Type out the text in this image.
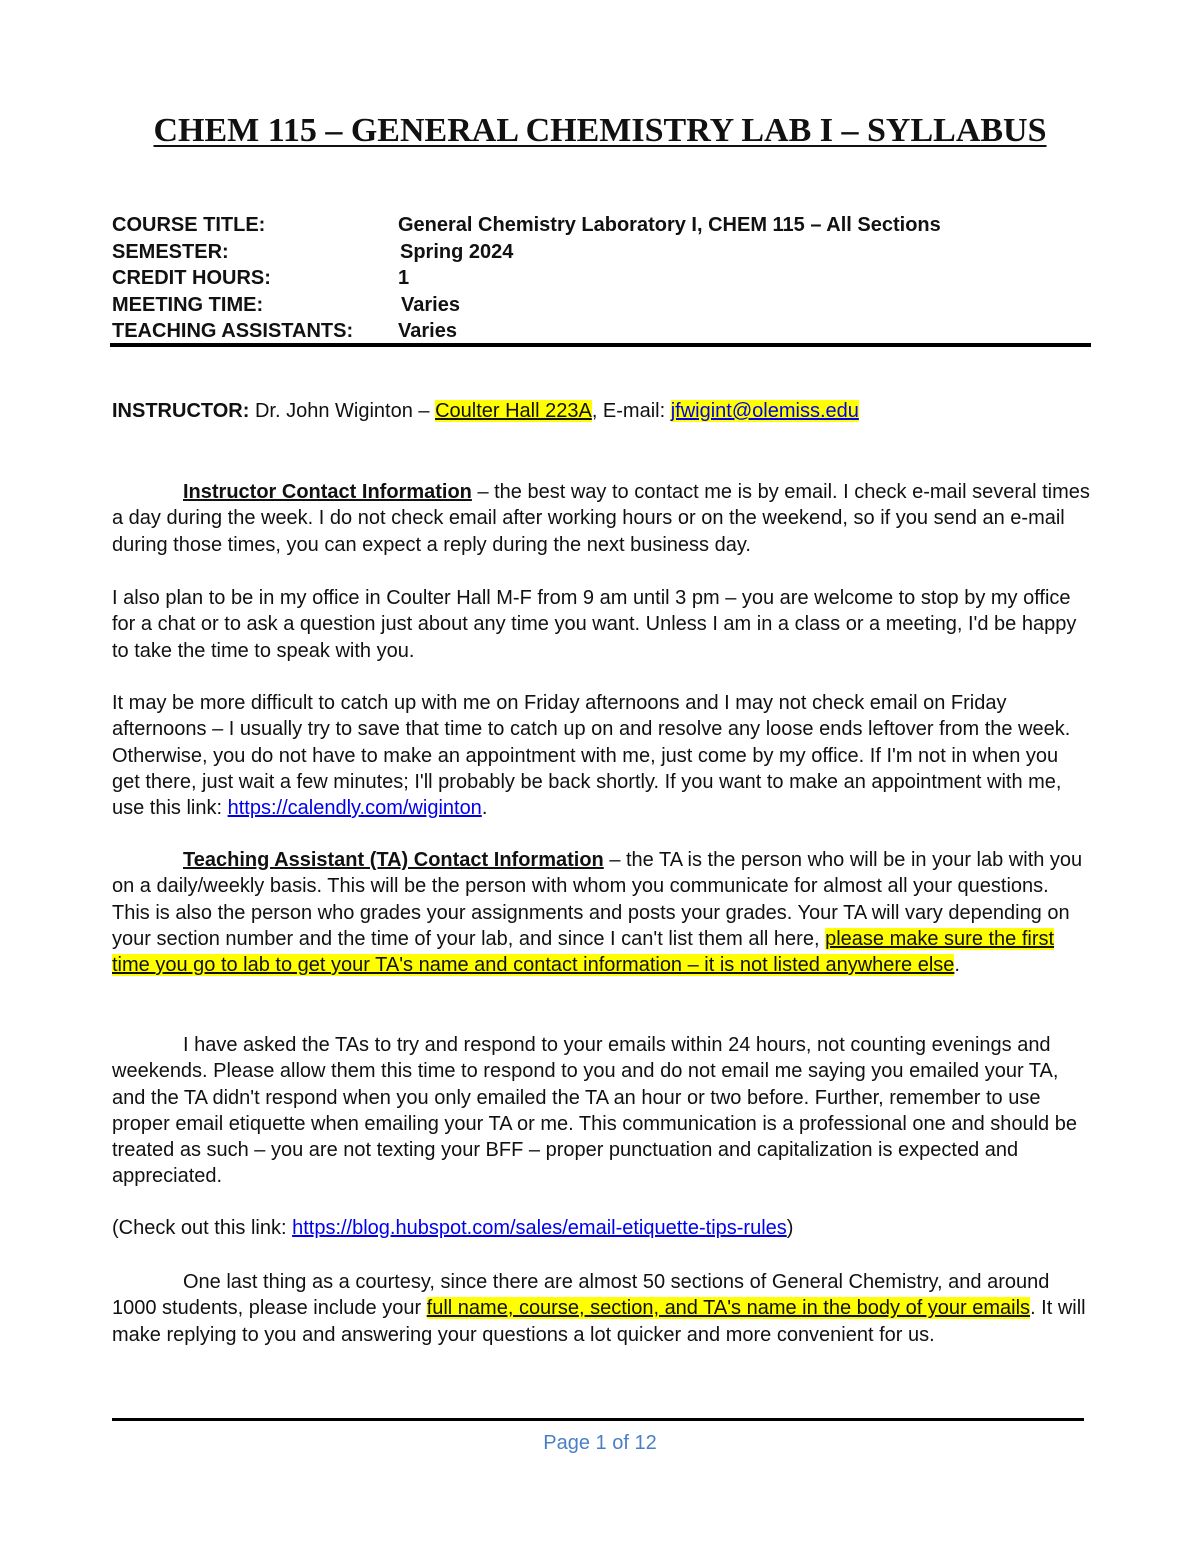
CHEM 115 – GENERAL CHEMISTRY LAB I – SYLLABUS
COURSE TITLE:	General Chemistry Laboratory I, CHEM 115 – All Sections
SEMESTER:	Spring 2024
CREDIT HOURS:	1
MEETING TIME:	Varies
TEACHING ASSISTANTS: Varies
INSTRUCTOR: Dr. John Wiginton – Coulter Hall 223A, E-mail: jfwigint@olemiss.edu
Instructor Contact Information – the best way to contact me is by email. I check e-mail several times a day during the week. I do not check email after working hours or on the weekend, so if you send an e-mail during those times, you can expect a reply during the next business day.
I also plan to be in my office in Coulter Hall M-F from 9 am until 3 pm – you are welcome to stop by my office for a chat or to ask a question just about any time you want. Unless I am in a class or a meeting, I'd be happy to take the time to speak with you.
It may be more difficult to catch up with me on Friday afternoons and I may not check email on Friday afternoons – I usually try to save that time to catch up on and resolve any loose ends leftover from the week. Otherwise, you do not have to make an appointment with me, just come by my office. If I'm not in when you get there, just wait a few minutes; I'll probably be back shortly. If you want to make an appointment with me, use this link: https://calendly.com/wiginton.
Teaching Assistant (TA) Contact Information – the TA is the person who will be in your lab with you on a daily/weekly basis. This will be the person with whom you communicate for almost all your questions. This is also the person who grades your assignments and posts your grades. Your TA will vary depending on your section number and the time of your lab, and since I can't list them all here, please make sure the first time you go to lab to get your TA's name and contact information – it is not listed anywhere else.
I have asked the TAs to try and respond to your emails within 24 hours, not counting evenings and weekends. Please allow them this time to respond to you and do not email me saying you emailed your TA, and the TA didn't respond when you only emailed the TA an hour or two before. Further, remember to use proper email etiquette when emailing your TA or me. This communication is a professional one and should be treated as such – you are not texting your BFF – proper punctuation and capitalization is expected and appreciated.
(Check out this link: https://blog.hubspot.com/sales/email-etiquette-tips-rules)
One last thing as a courtesy, since there are almost 50 sections of General Chemistry, and around 1000 students, please include your full name, course, section, and TA's name in the body of your emails. It will make replying to you and answering your questions a lot quicker and more convenient for us.
Page 1 of 12
